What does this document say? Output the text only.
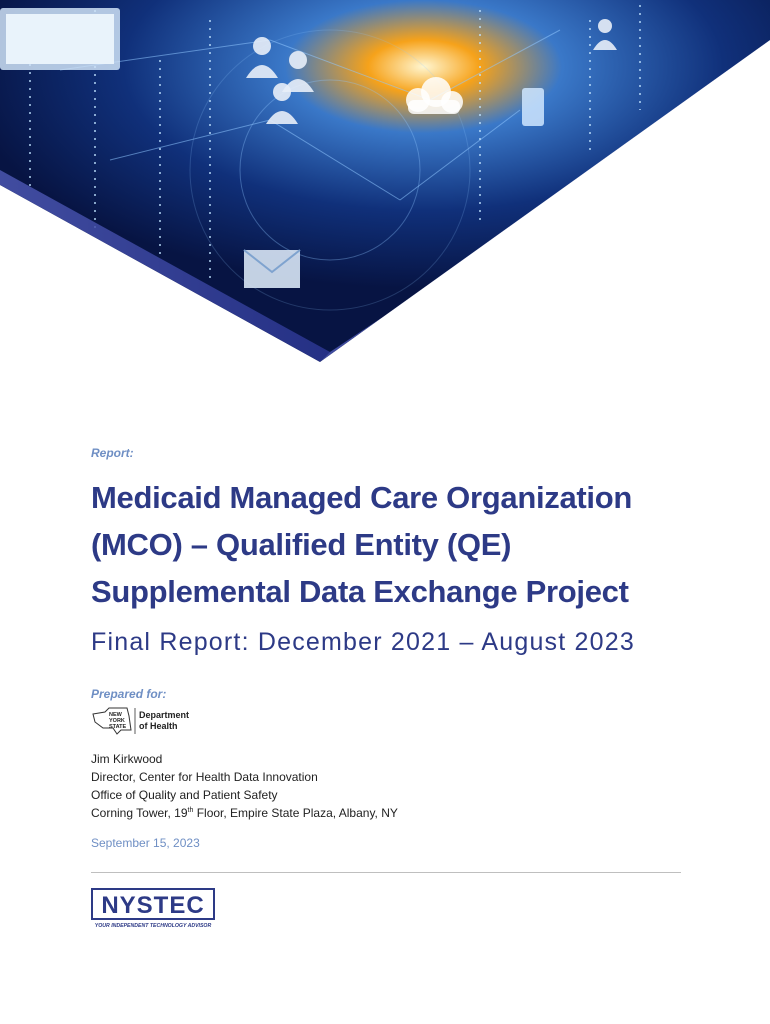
Report:
Medicaid Managed Care Organization
(MCO) – Qualified Entity (QE)
Supplemental Data Exchange Project
Final Report: December 2021 – August 2023
Prepared for:
NEW
YORK
STATE
Department
of Health
Jim Kirkwood
Director, Center for Health Data Innovation
Office of Quality and Patient Safety
Corning Tower, 19th Floor, Empire State Plaza, Albany, NY
September 15, 2023
NYSTEC
YOUR INDEPENDENT TECHNOLOGY ADVISOR
